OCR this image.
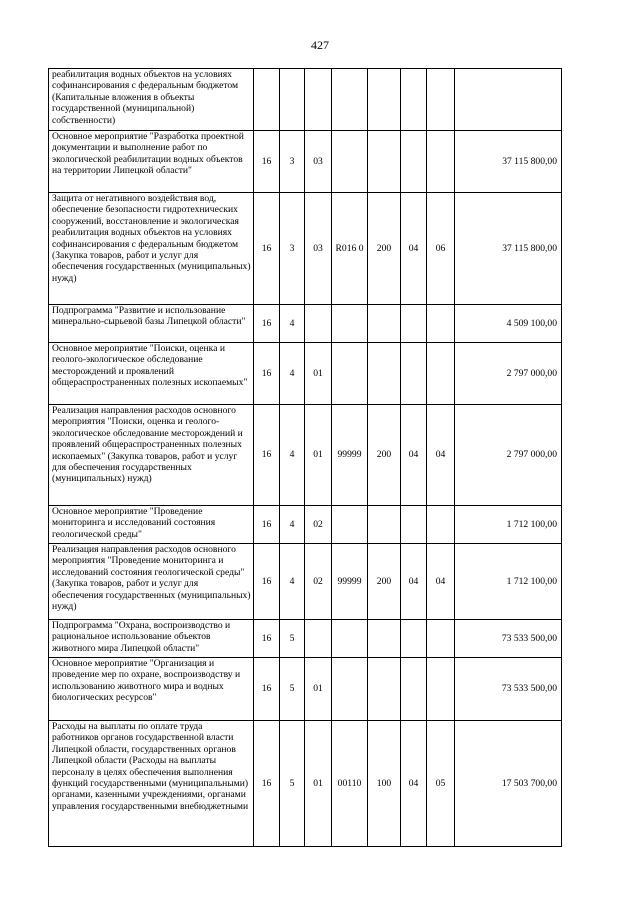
427
реабилитация водных объектов на условиях софинансирования с федеральным бюджетом (Капитальные вложения в объекты государственной (муниципальной) собственности)								
Основное мероприятие "Разработка проектной документации и выполнение работ по экологической реабилитации водных объектов на территории Липецкой области"	16	3	03					37 115 800,00
Защита от негативного воздействия вод, обеспечение безопасности гидротехнических сооружений, восстановление и экологическая реабилитация водных объектов на условиях софинансирования с федеральным бюджетом (Закупка товаров, работ и услуг для обеспечения государственных (муниципальных) нужд)	16	3	03	R016 0	200	04	06	37 115 800,00
Подпрограмма "Развитие и использование минерально-сырьевой базы Липецкой области"	16	4						4 509 100,00
Основное мероприятие "Поиски, оценка и геолого-экологическое обследование месторождений и проявлений общераспространенных полезных ископаемых"	16	4	01					2 797 000,00
Реализация направления расходов основного мероприятия "Поиски, оценка и геолого-экологическое обследование месторождений и проявлений общераспространенных полезных ископаемых" (Закупка товаров, работ и услуг для обеспечения государственных (муниципальных) нужд)	16	4	01	99999	200	04	04	2 797 000,00
Основное мероприятие "Проведение мониторинга и исследований состояния геологической среды"	16	4	02					1 712 100,00
Реализация направления расходов основного мероприятия "Проведение мониторинга и исследований состояния геологической среды" (Закупка товаров, работ и услуг для обеспечения государственных (муниципальных) нужд)	16	4	02	99999	200	04	04	1 712 100,00
Подпрограмма "Охрана, воспроизводство и рациональное использование объектов животного мира Липецкой области"	16	5						73 533 500,00
Основное мероприятие "Организация и проведение мер по охране, воспроизводству и использованию животного мира и водных биологических ресурсов"	16	5	01					73 533 500,00
Расходы на выплаты по оплате труда работников органов государственной власти Липецкой области, государственных органов Липецкой области (Расходы на выплаты персоналу в целях обеспечения выполнения функций государственными (муниципальными) органами, казенными учреждениями, органами управления государственными внебюджетными	16	5	01	00110	100	04	05	17 503 700,00
